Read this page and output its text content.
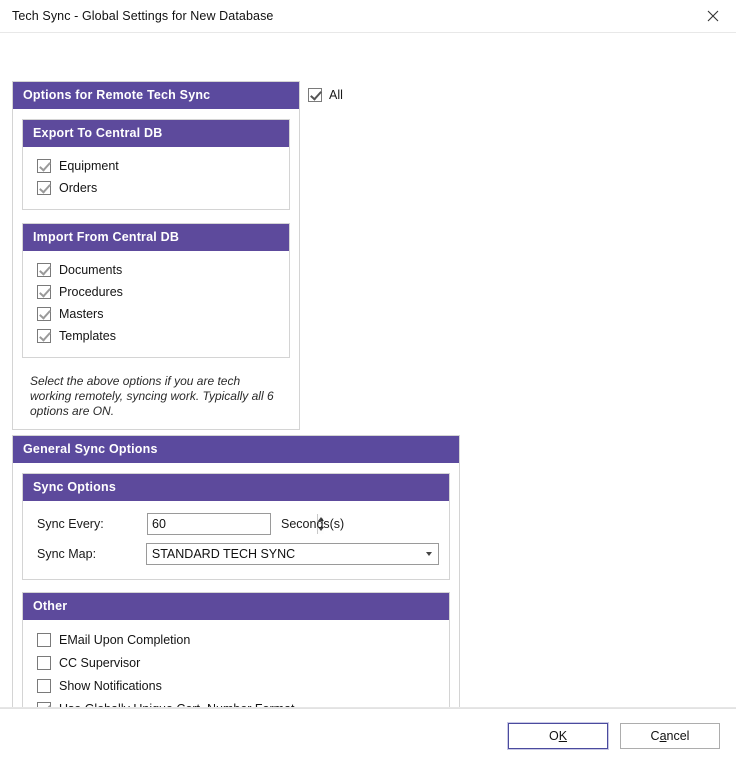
Tech Sync - Global Settings for New Database
All
Options for Remote Tech Sync
Export To Central DB
Equipment
Orders
Import From Central DB
Documents
Procedures
Masters
Templates
Select the above options if you are tech working remotely, syncing work. Typically all 6 options are ON.
General Sync Options
Sync Options
Sync Every:
60	Seconds(s)
Sync Map:	STANDARD TECH SYNC
Other
EMail Upon Completion
CC Supervisor
Show Notifications
O K	C a ncel
